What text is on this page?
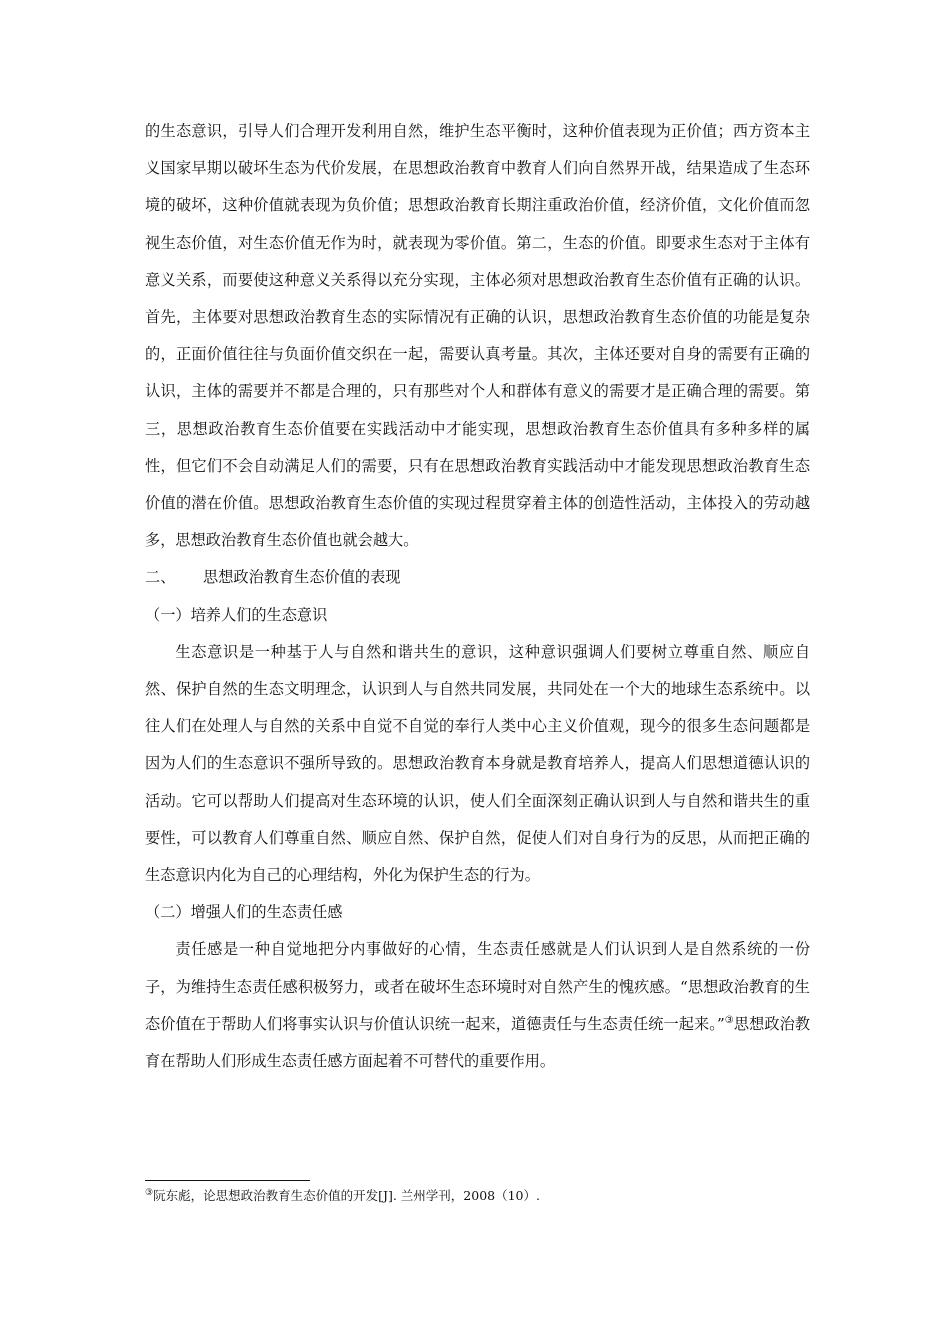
的生态意识，引导人们合理开发利用自然，维护生态平衡时，这种价值表现为正价值；西方资本主义国家早期以破坏生态为代价发展，在思想政治教育中教育人们向自然界开战，结果造成了生态环境的破坏，这种价值就表现为负价值；思想政治教育长期注重政治价值，经济价值，文化价值而忽视生态价值，对生态价值无作为时，就表现为零价值。第二，生态的价值。即要求生态对于主体有意义关系，而要使这种意义关系得以充分实现，主体必须对思想政治教育生态价值有正确的认识。首先，主体要对思想政治教育生态的实际情况有正确的认识，思想政治教育生态价值的功能是复杂的，正面价值往往与负面价值交织在一起，需要认真考量。其次，主体还要对自身的需要有正确的认识，主体的需要并不都是合理的，只有那些对个人和群体有意义的需要才是正确合理的需要。第三，思想政治教育生态价值要在实践活动中才能实现，思想政治教育生态价值具有多种多样的属性，但它们不会自动满足人们的需要，只有在思想政治教育实践活动中才能发现思想政治教育生态价值的潜在价值。思想政治教育生态价值的实现过程贯穿着主体的创造性活动，主体投入的劳动越多，思想政治教育生态价值也就会越大。

二、 思想政治教育生态价值的表现

（一）培养人们的生态意识

生态意识是一种基于人与自然和谐共生的意识，这种意识强调人们要树立尊重自然、顺应自然、保护自然的生态文明理念，认识到人与自然共同发展，共同处在一个大的地球生态系统中。以往人们在处理人与自然的关系中自觉不自觉的奉行人类中心主义价值观，现今的很多生态问题都是因为人们的生态意识不强所导致的。思想政治教育本身就是教育培养人，提高人们思想道德认识的活动。它可以帮助人们提高对生态环境的认识，使人们全面深刻正确认识到人与自然和谐共生的重要性，可以教育人们尊重自然、顺应自然、保护自然，促使人们对自身行为的反思，从而把正确的生态意识内化为自己的心理结构，外化为保护生态的行为。

（二）增强人们的生态责任感

责任感是一种自觉地把分内事做好的心情，生态责任感就是人们认识到人是自然系统的一份子，为维持生态责任感积极努力，或者在破坏生态环境时对自然产生的愧疚感。“思想政治教育的生态价值在于帮助人们将事实认识与价值认识统一起来，道德责任与生态责任统一起来。”③思想政治教育在帮助人们形成生态责任感方面起着不可替代的重要作用。

③阮东彪，论思想政治教育生态价值的开发[J]. 兰州学刊，2008（10）.
